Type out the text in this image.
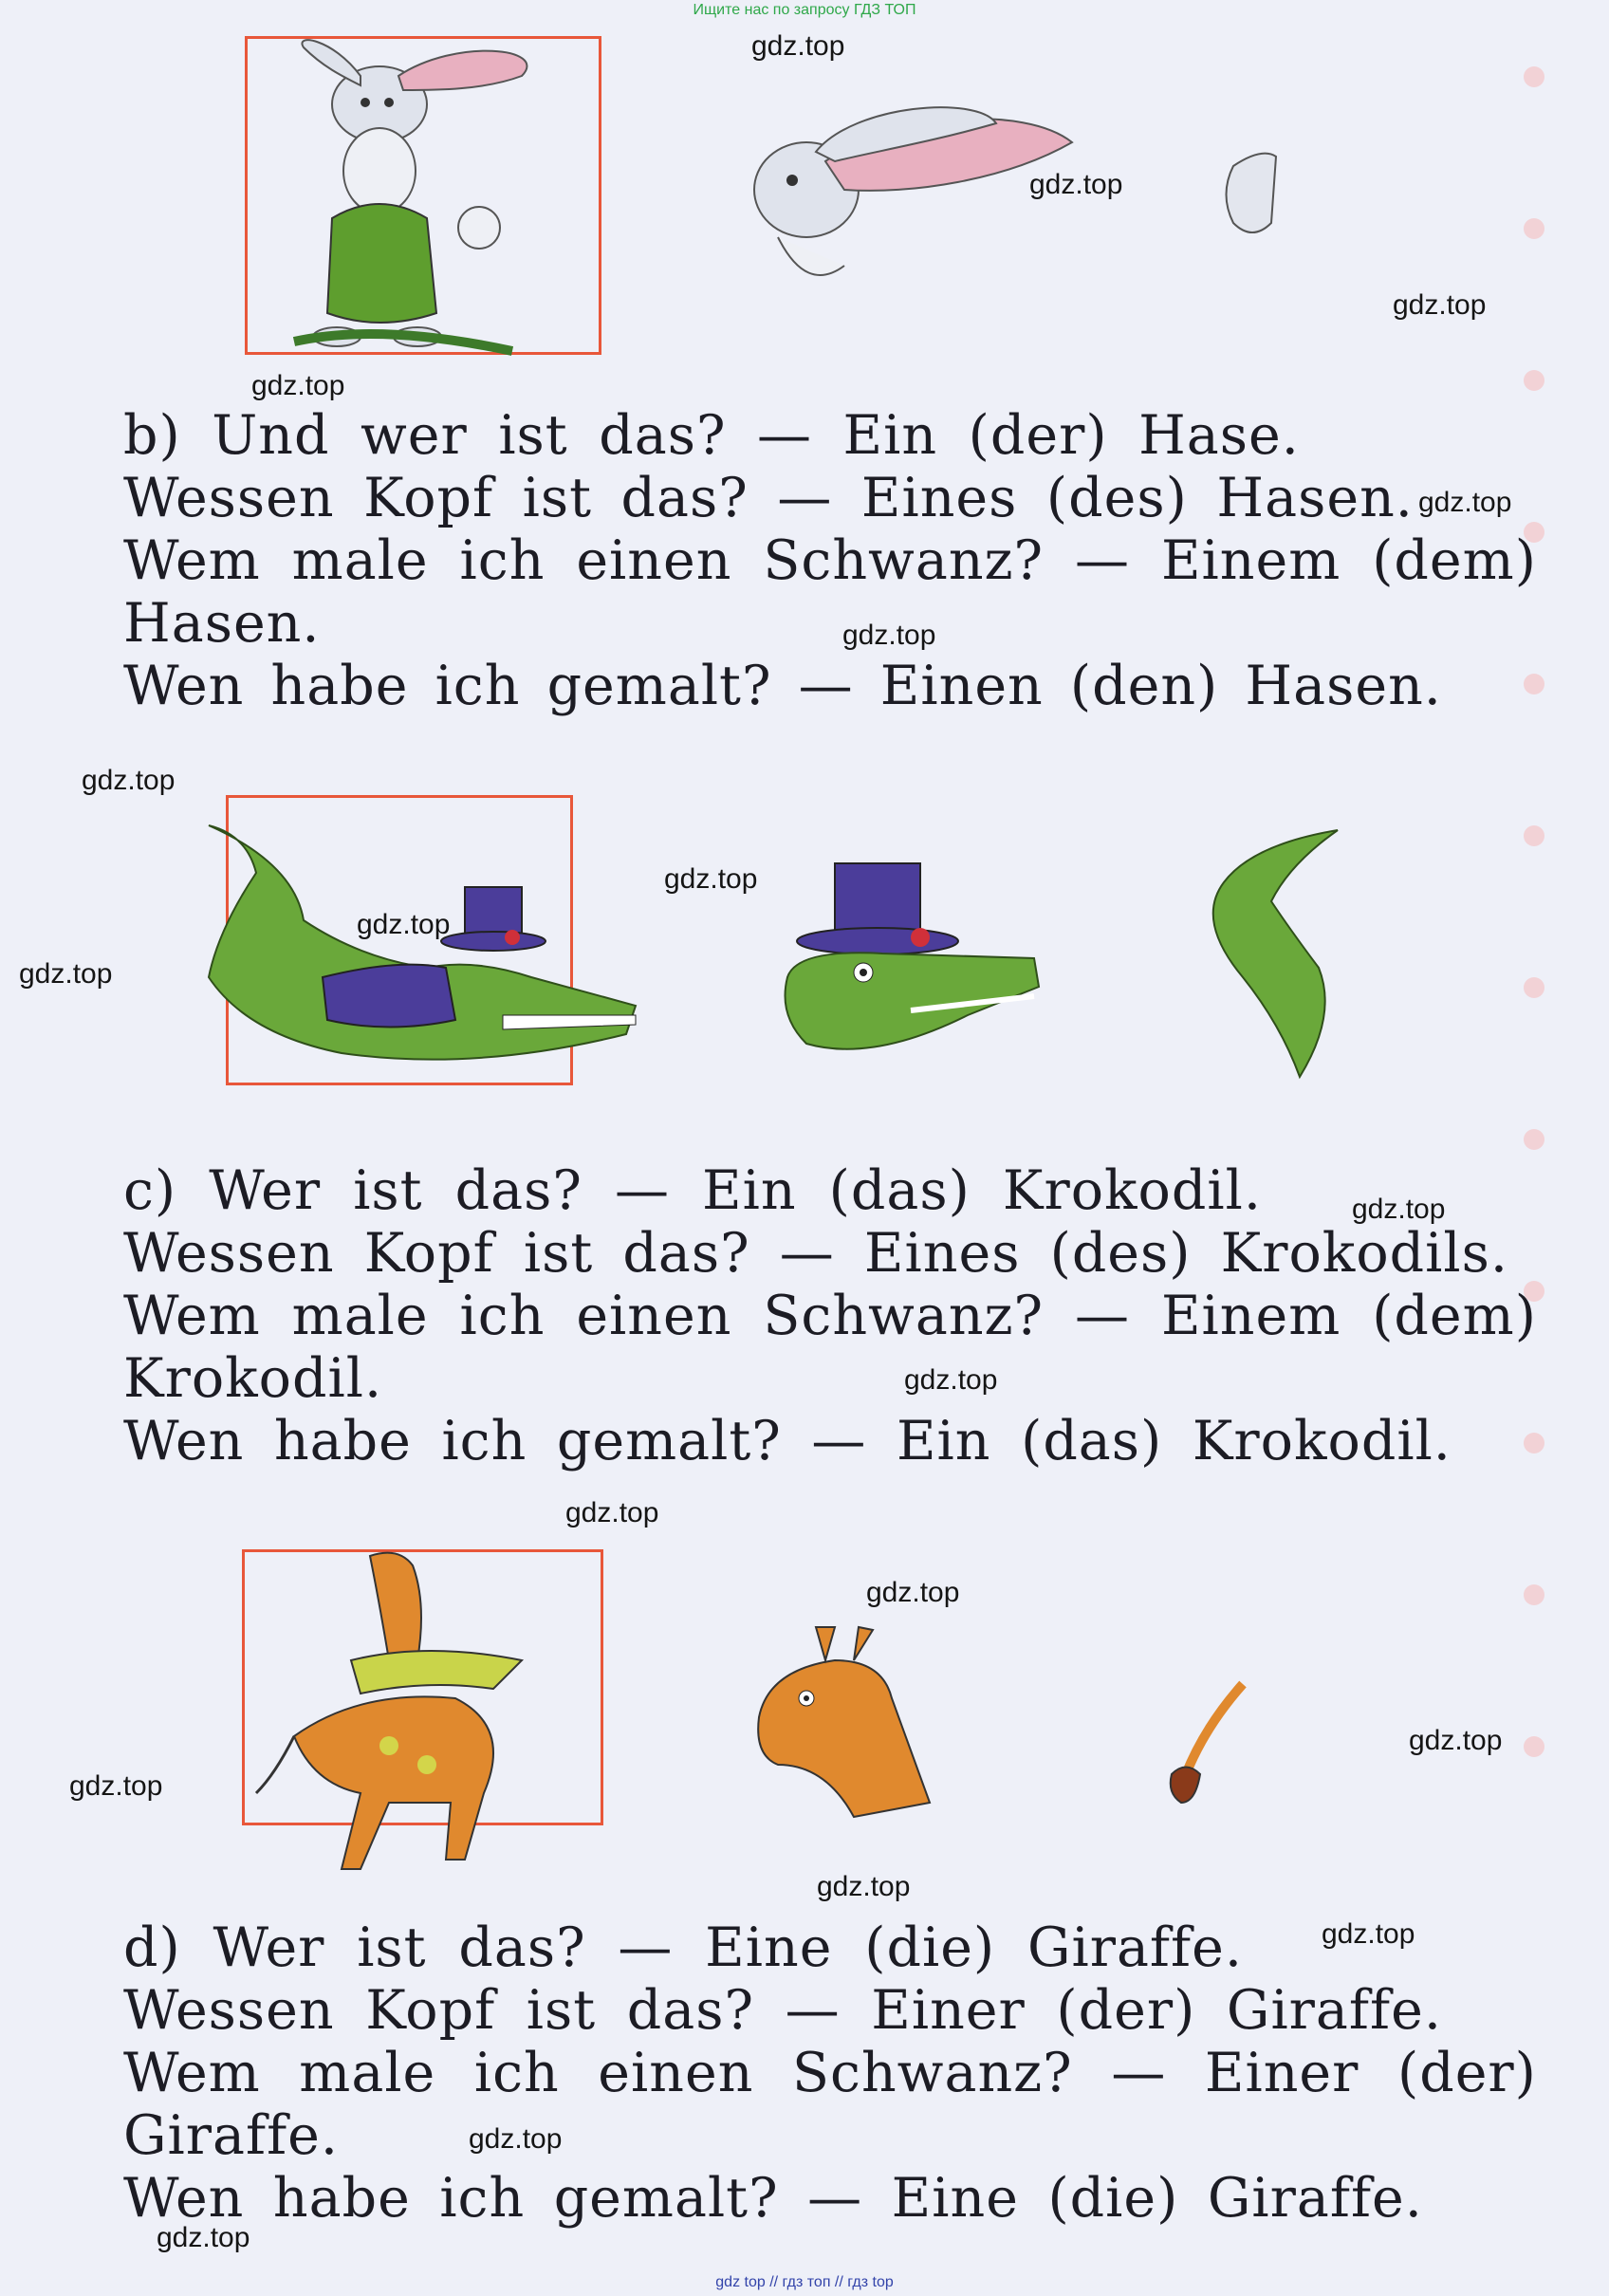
Ищите нас по запросу ГДЗ ТОП
b) Und wer ist das? — Ein (der) Hase.
Wessen Kopf ist das? — Eines (des) Hasen.
Wem male ich einen Schwanz? — Einem (dem)
Hasen.
Wen habe ich gemalt? — Einen (den) Hasen.
c) Wer ist das? — Ein (das) Krokodil.
Wessen Kopf ist das? — Eines (des) Krokodils.
Wem male ich einen Schwanz? — Einem (dem)
Krokodil.
Wen habe ich gemalt? — Ein (das) Krokodil.
d) Wer ist das? — Eine (die) Giraffe.
Wessen Kopf ist das? — Einer (der) Giraffe.
Wem male ich einen Schwanz? — Einer (der)
Giraffe.
Wen habe ich gemalt? — Eine (die) Giraffe.
gdz.top
gdz.top
gdz.top
gdz.top
gdz.top
gdz.top
gdz.top
gdz.top
gdz.top
gdz.top
gdz.top
gdz.top
gdz.top
gdz.top
gdz.top
gdz.top
gdz.top
gdz.top
gdz.top
gdz.top
gdz top // гдз топ // гдз top
